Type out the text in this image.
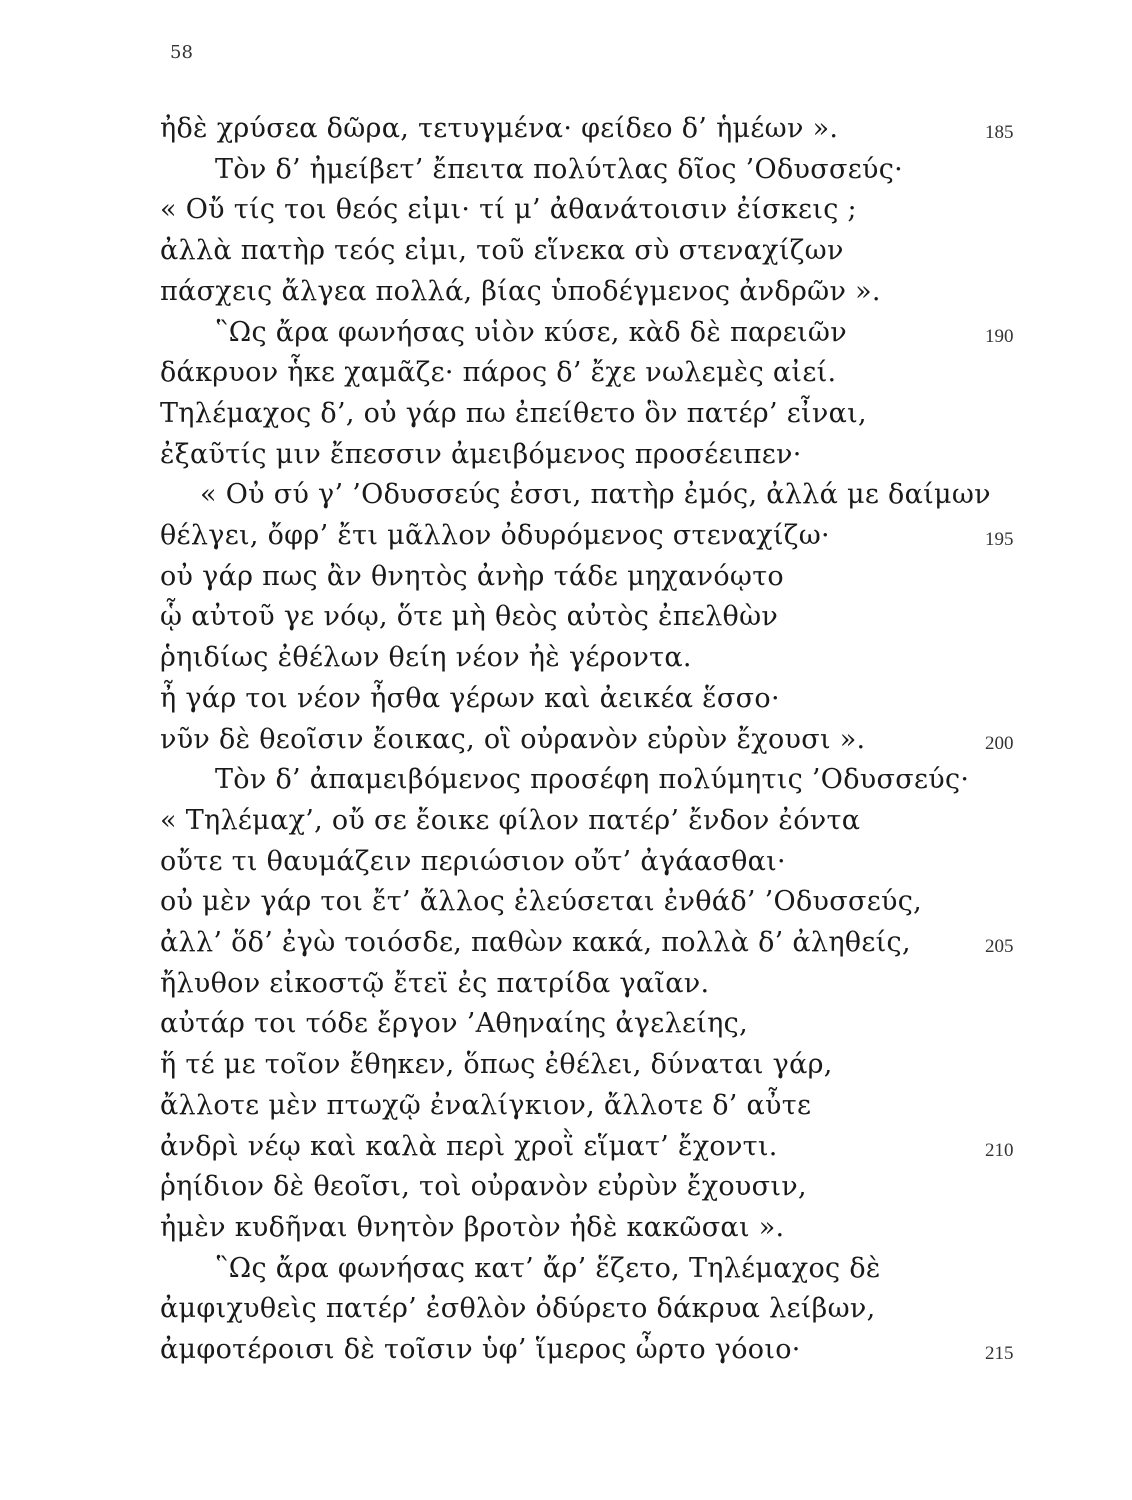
58
ἠδὲ χρύσεα δῶρα, τετυγμένα· φείδεο δ’ ἡμέων ».	185
Τὸν δ’ ἠμείβετ’ ἔπειτα πολύτλας δῖος ’Οδυσσεύς·
« Οὔ τίς τοι θεός εἰμι· τί μ’ ἀθανάτοισιν ἐίσκεις ;
ἀλλὰ πατὴρ τεός εἰμι, τοῦ εἵνεκα σὺ στεναχίζων
πάσχεις ἄλγεα πολλά, βίας ὑποδέγμενος ἀνδρῶν ».
῝Ως ἄρα φωνήσας υἱὸν κύσε, κὰδ δὲ παρειῶν	190
δάκρυον ἧκε χαμᾶζε· πάρος δ’ ἔχε νωλεμὲς αἰεί.
Τηλέμαχος δ’, οὐ γάρ πω ἐπείθετο ὃν πατέρ’ εἶναι,
ἐξαῦτίς μιν ἔπεσσιν ἀμειβόμενος προσέειπεν·
« Οὐ σύ γ’ ’Οδυσσεύς ἐσσι, πατὴρ ἐμός, ἀλλά με δαίμων
θέλγει, ὄφρ’ ἔτι μᾶλλον ὀδυρόμενος στεναχίζω·	195
οὐ γάρ πως ἂν θνητὸς ἀνὴρ τάδε μηχανόῳτο
ᾧ αὐτοῦ γε νόῳ, ὅτε μὴ θεὸς αὐτὸς ἐπελθὼν
ῥηιδίως ἐθέλων θείη νέον ἠὲ γέροντα.
ἦ γάρ τοι νέον ἦσθα γέρων καὶ ἀεικέα ἕσσο·
νῦν δὲ θεοῖσιν ἔοικας, οἳ οὐρανὸν εὐρὺν ἔχουσι ».	200
Τὸν δ’ ἀπαμειβόμενος προσέφη πολύμητις ’Οδυσσεύς·
« Τηλέμαχ’, οὔ σε ἔοικε φίλον πατέρ’ ἔνδον ἐόντα
οὔτε τι θαυμάζειν περιώσιον οὔτ’ ἀγάασθαι·
οὐ μὲν γάρ τοι ἔτ’ ἄλλος ἐλεύσεται ἐνθάδ’ ’Οδυσσεύς,
ἀλλ’ ὅδ’ ἐγὼ τοιόσδε, παθὼν κακά, πολλὰ δ’ ἀληθείς,	205
ἤλυθον εἰκοστῷ ἔτεϊ ἐς πατρίδα γαῖαν.
αὐτάρ τοι τόδε ἔργον ’Αθηναίης ἀγελείης,
ἥ τέ με τοῖον ἔθηκεν, ὅπως ἐθέλει, δύναται γάρ,
ἄλλοτε μὲν πτωχῷ ἐναλίγκιον, ἄλλοτε δ’ αὖτε
ἀνδρὶ νέῳ καὶ καλὰ περὶ χροῒ εἵματ’ ἔχοντι.	210
ῥηίδιον δὲ θεοῖσι, τοὶ οὐρανὸν εὐρὺν ἔχουσιν,
ἠμὲν κυδῆναι θνητὸν βροτὸν ἠδὲ κακῶσαι ».
῝Ως ἄρα φωνήσας κατ’ ἄρ’ ἕζετο, Τηλέμαχος δὲ
ἀμφιχυθεὶς πατέρ’ ἐσθλὸν ὀδύρετο δάκρυα λείβων,
ἀμφοτέροισι δὲ τοῖσιν ὑφ’ ἵμερος ὦρτο γόοιο·	215
